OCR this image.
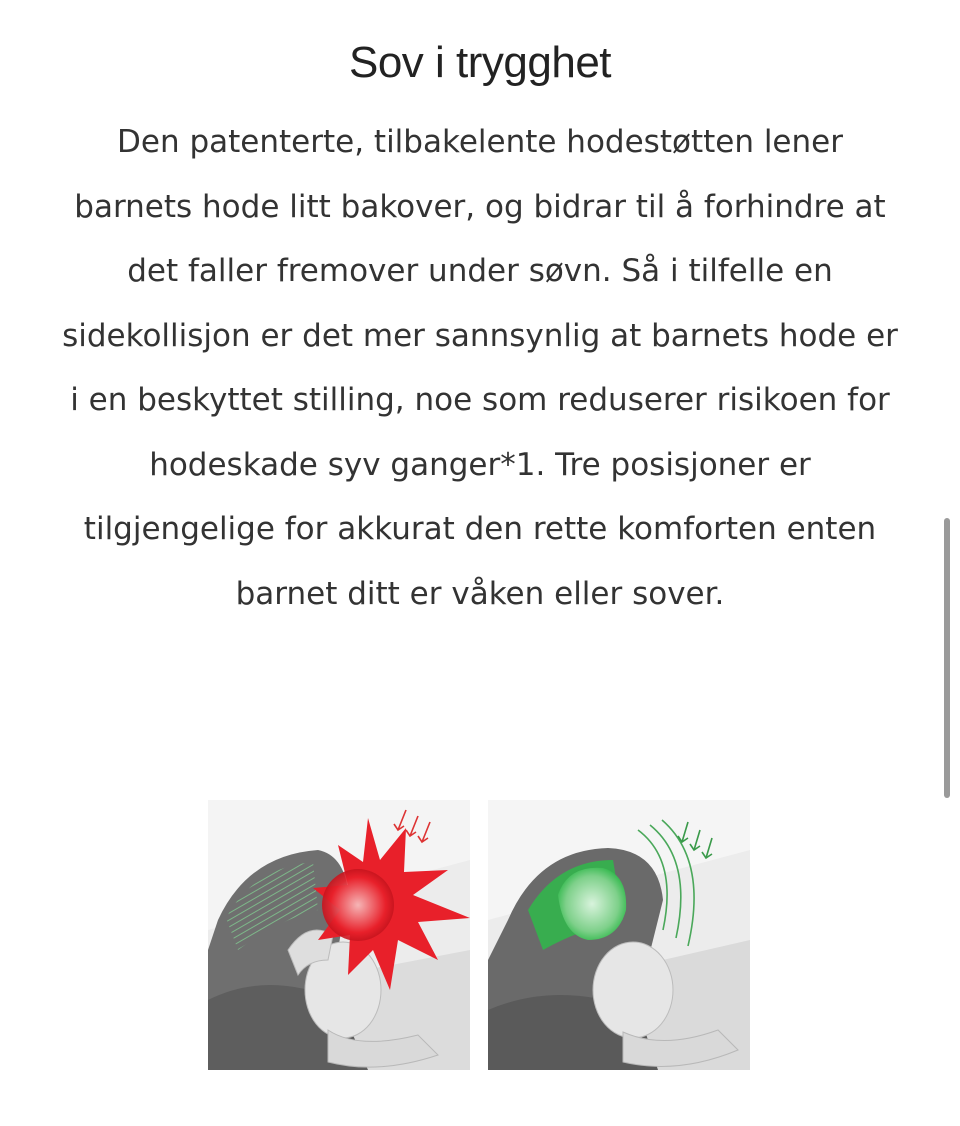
Sov i trygghet
Den patenterte, tilbakelente hodestøtten lener
barnets hode litt bakover, og bidrar til å forhindre at
det faller fremover under søvn. Så i tilfelle en
sidekollisjon er det mer sannsynlig at barnets hode er
i en beskyttet stilling, noe som reduserer risikoen for
hodeskade syv ganger*1. Tre posisjoner er
tilgjengelige for akkurat den rette komforten enten
barnet ditt er våken eller sover.
